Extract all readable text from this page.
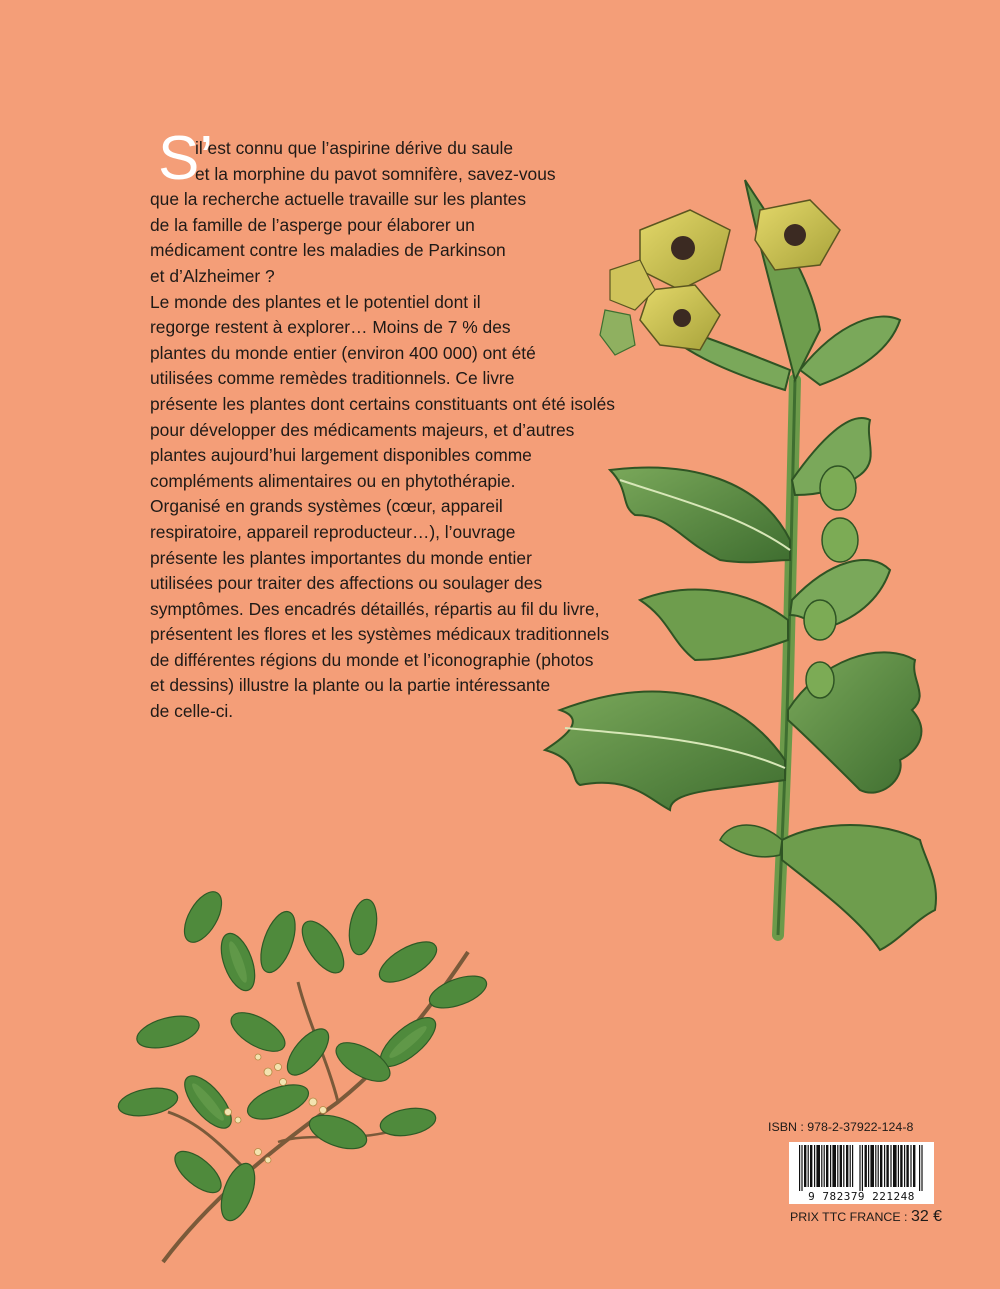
S’
il est connu que l’aspirine dérive du saule
et la morphine du pavot somnifère, savez-vous
que la recherche actuelle travaille sur les plantes
de la famille de l’asperge pour élaborer un
médicament contre les maladies de Parkinson
et d’Alzheimer ?
Le monde des plantes et le potentiel dont il
regorge restent à explorer… Moins de 7 % des
plantes du monde entier (environ 400 000) ont été
utilisées comme remèdes traditionnels. Ce livre
présente les plantes dont certains constituants ont été isolés
pour développer des médicaments majeurs, et d’autres
plantes aujourd’hui largement disponibles comme
compléments alimentaires ou en phytothérapie.
Organisé en grands systèmes (cœur, appareil
respiratoire, appareil reproducteur…), l’ouvrage
présente les plantes importantes du monde entier
utilisées pour traiter des affections ou soulager des
symptômes. Des encadrés détaillés, répartis au fil du livre,
présentent les flores et les systèmes médicaux traditionnels
de différentes régions du monde et l’iconographie (photos
et dessins) illustre la plante ou la partie intéressante
de celle-ci.
ISBN : 978-2-37922-124-8
9 782379 221248
PRIX TTC FRANCE : 32 €
